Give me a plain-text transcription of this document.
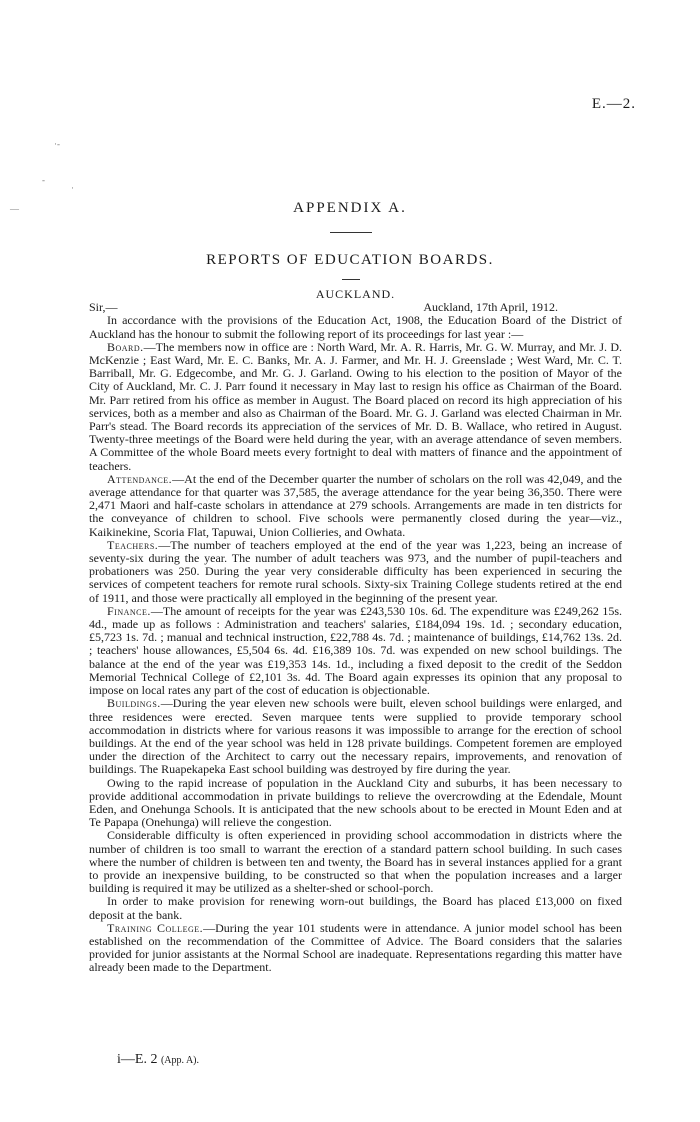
E.—2.
·‑
‑
·
—	APPENDIX A.
REPORTS OF EDUCATION BOARDS.

AUCKLAND.

Sir,—	Auckland, 17th April, 1912.

In accordance with the provisions of the Education Act, 1908, the Education Board of the District of Auckland has the honour to submit the following report of its proceedings for last year :—

Board.—The members now in office are : North Ward, Mr. A. R. Harris, Mr. G. W. Murray, and Mr. J. D. McKenzie ; East Ward, Mr. E. C. Banks, Mr. A. J. Farmer, and Mr. H. J. Greenslade ; West Ward, Mr. C. T. Barriball, Mr. G. Edgecombe, and Mr. G. J. Garland. Owing to his election to the position of Mayor of the City of Auckland, Mr. C. J. Parr found it necessary in May last to resign his office as Chairman of the Board. Mr. Parr retired from his office as member in August. The Board placed on record its high appreciation of his services, both as a member and also as Chairman of the Board. Mr. G. J. Garland was elected Chairman in Mr. Parr's stead. The Board records its appreciation of the services of Mr. D. B. Wallace, who retired in August. Twenty-three meetings of the Board were held during the year, with an average attendance of seven members. A Committee of the whole Board meets every fortnight to deal with matters of finance and the appointment of teachers.

Attendance.—At the end of the December quarter the number of scholars on the roll was 42,049, and the average attendance for that quarter was 37,585, the average attendance for the year being 36,350. There were 2,471 Maori and half-caste scholars in attendance at 279 schools. Arrangements are made in ten districts for the conveyance of children to school. Five schools were permanently closed during the year—viz., Kaikinekine, Scoria Flat, Tapuwai, Union Collieries, and Owhata.

Teachers.—The number of teachers employed at the end of the year was 1,223, being an increase of seventy-six during the year. The number of adult teachers was 973, and the number of pupil-teachers and probationers was 250. During the year very considerable difficulty has been experienced in securing the services of competent teachers for remote rural schools. Sixty-six Training College students retired at the end of 1911, and those were practically all employed in the beginning of the present year.

Finance.—The amount of receipts for the year was £243,530 10s. 6d. The expenditure was £249,262 15s. 4d., made up as follows : Administration and teachers' salaries, £184,094 19s. 1d. ; secondary education, £5,723 1s. 7d. ; manual and technical instruction, £22,788 4s. 7d. ; maintenance of buildings, £14,762 13s. 2d. ; teachers' house allowances, £5,504 6s. 4d. £16,389 10s. 7d. was expended on new school buildings. The balance at the end of the year was £19,353 14s. 1d., including a fixed deposit to the credit of the Seddon Memorial Technical College of £2,101 3s. 4d. The Board again expresses its opinion that any proposal to impose on local rates any part of the cost of education is objectionable.

Buildings.—During the year eleven new schools were built, eleven school buildings were enlarged, and three residences were erected. Seven marquee tents were supplied to provide temporary school accommodation in districts where for various reasons it was impossible to arrange for the erection of school buildings. At the end of the year school was held in 128 private buildings. Competent foremen are employed under the direction of the Architect to carry out the necessary repairs, improvements, and renovation of buildings. The Ruapekapeka East school building was destroyed by fire during the year.

Owing to the rapid increase of population in the Auckland City and suburbs, it has been necessary to provide additional accommodation in private buildings to relieve the overcrowding at the Edendale, Mount Eden, and Onehunga Schools. It is anticipated that the new schools about to be erected in Mount Eden and at Te Papapa (Onehunga) will relieve the congestion.

Considerable difficulty is often experienced in providing school accommodation in districts where the number of children is too small to warrant the erection of a standard pattern school building. In such cases where the number of children is between ten and twenty, the Board has in several instances applied for a grant to provide an inexpensive building, to be constructed so that when the population increases and a larger building is required it may be utilized as a shelter-shed or school-porch.

In order to make provision for renewing worn-out buildings, the Board has placed £13,000 on fixed deposit at the bank.

Training College.—During the year 101 students were in attendance. A junior model school has been established on the recommendation of the Committee of Advice. The Board considers that the salaries provided for junior assistants at the Normal School are inadequate. Representations regarding this matter have already been made to the Department.

i—E. 2 (App. A).
